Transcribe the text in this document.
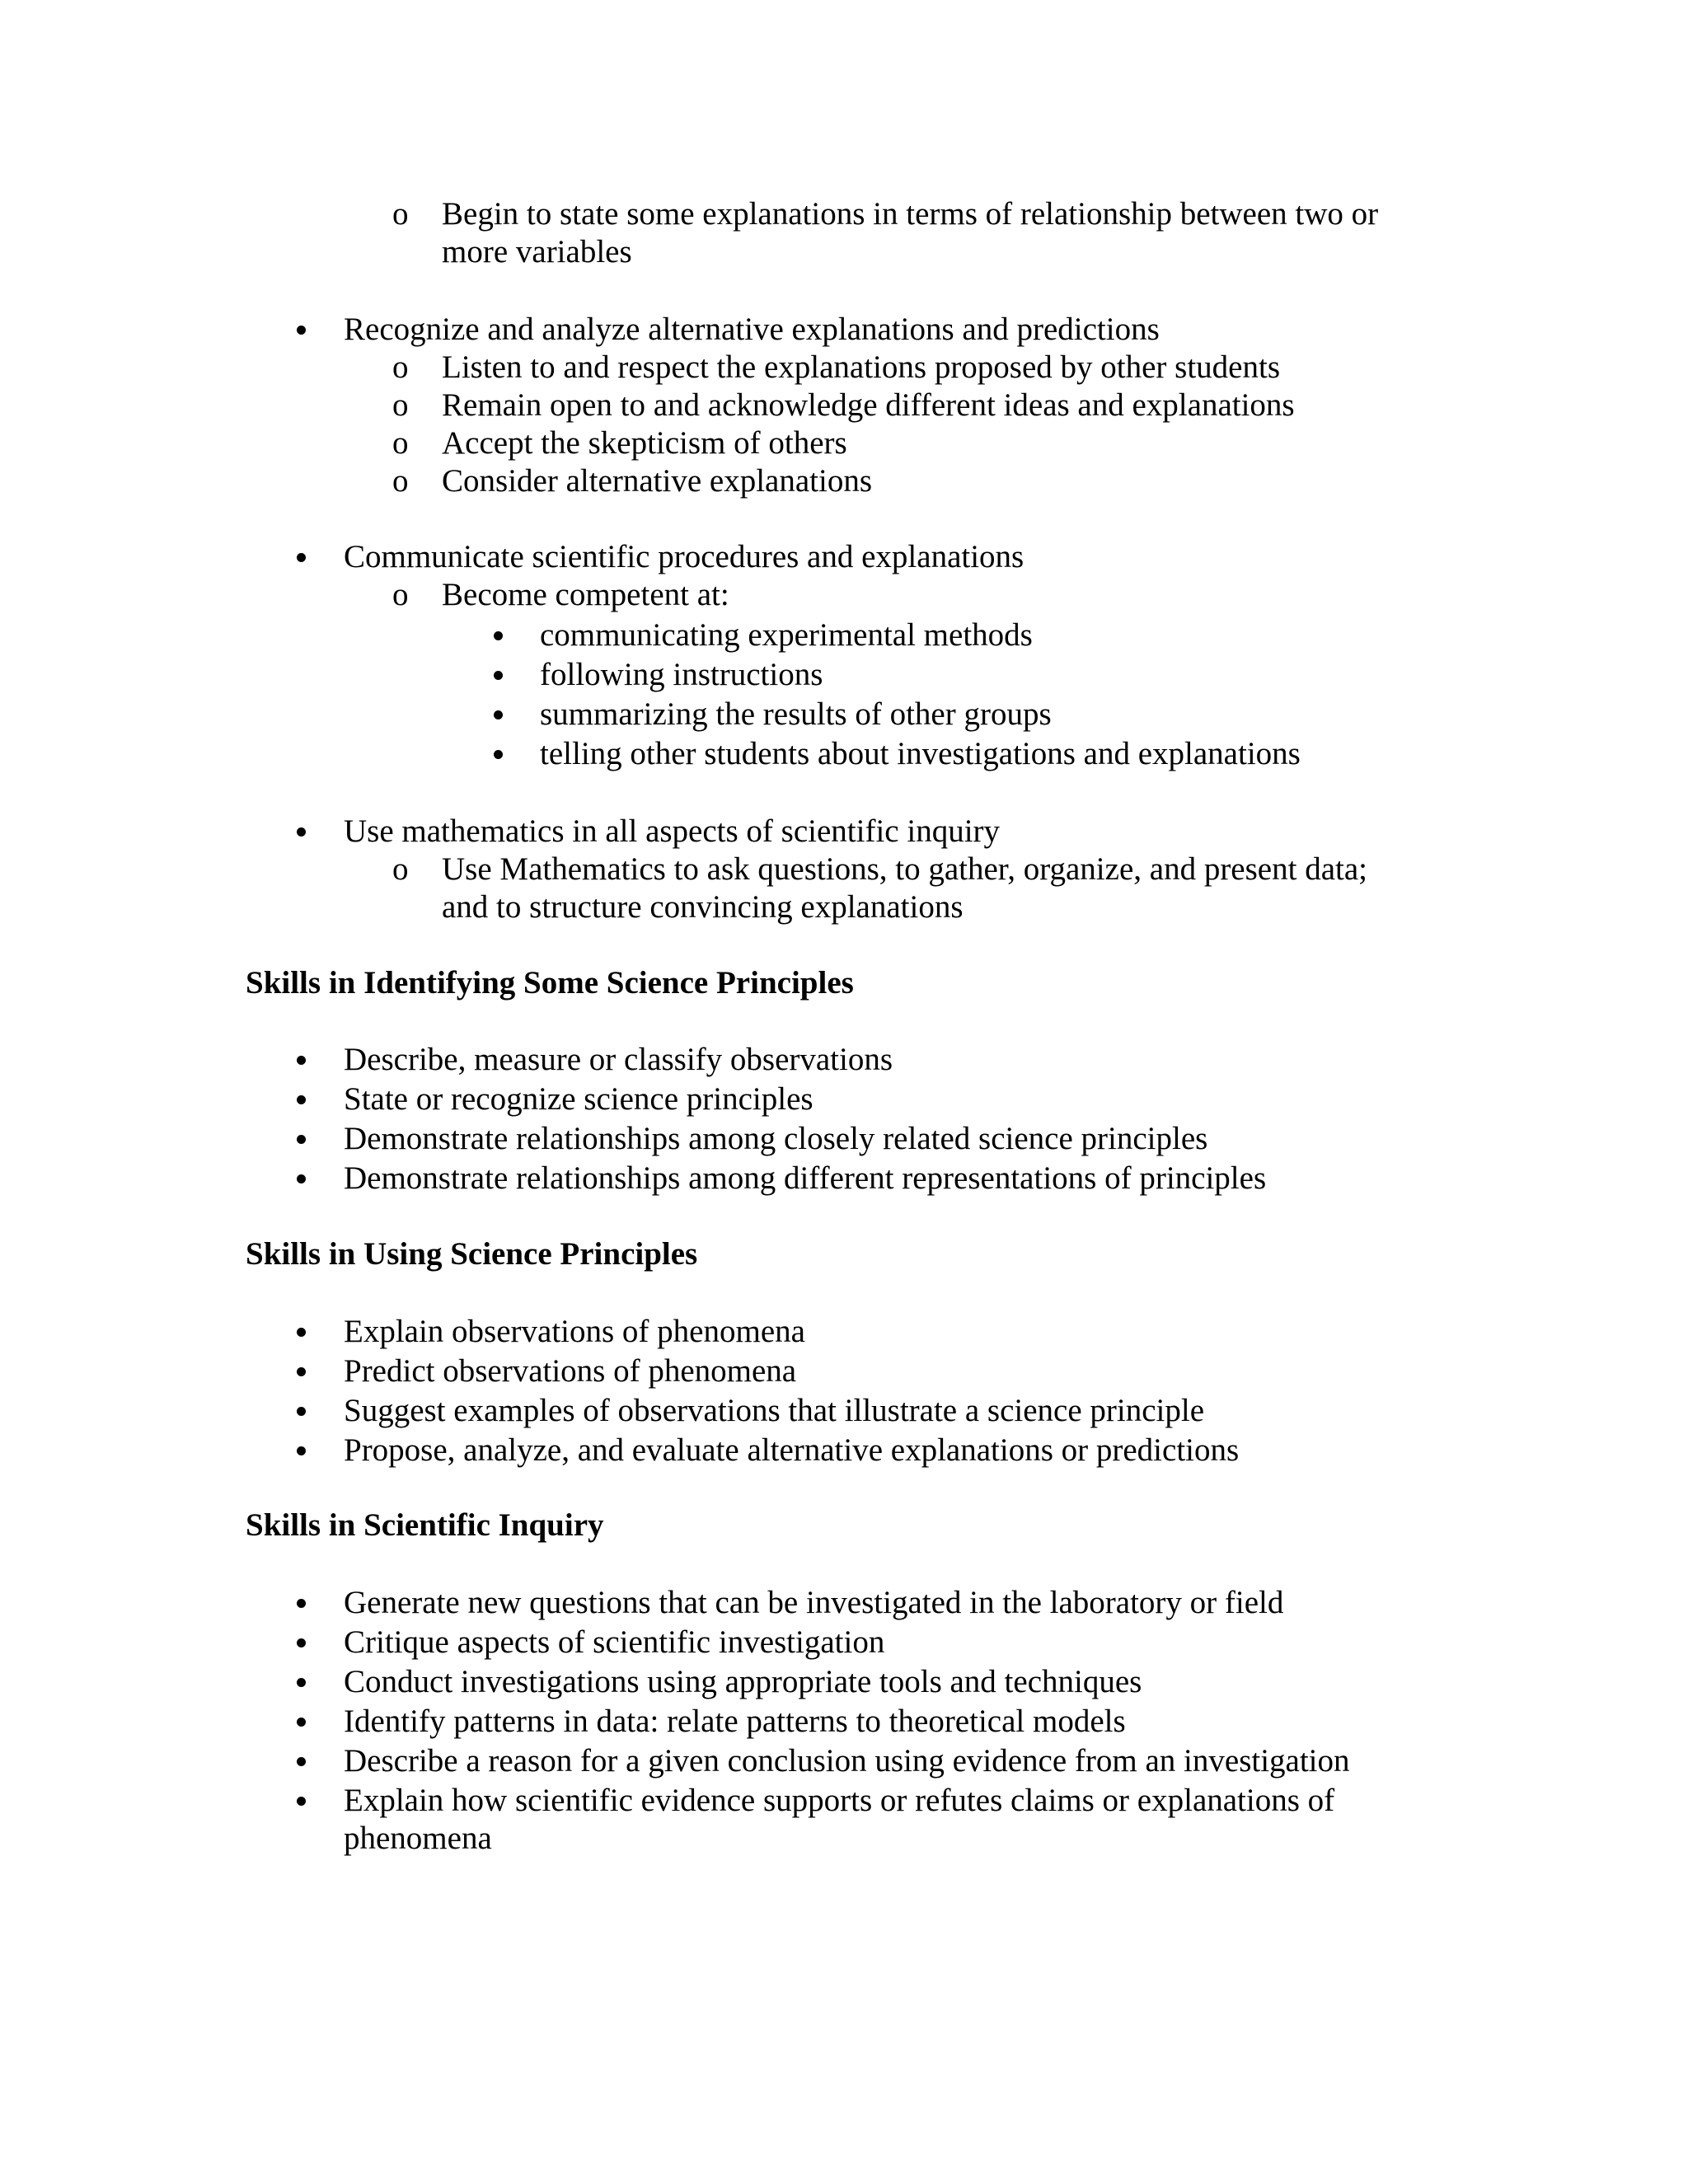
o Begin to state some explanations in terms of relationship between two or
more variables
Recognize and analyze alternative explanations and predictions
o Listen to and respect the explanations proposed by other students
o Remain open to and acknowledge different ideas and explanations
o Accept the skepticism of others
o Consider alternative explanations
Communicate scientific procedures and explanations
o Become competent at:
communicating experimental methods
following instructions
summarizing the results of other groups
telling other students about investigations and explanations
Use mathematics in all aspects of scientific inquiry
o Use Mathematics to ask questions, to gather, organize, and present data;
and to structure convincing explanations
Skills in Identifying Some Science Principles
Describe, measure or classify observations
State or recognize science principles
Demonstrate relationships among closely related science principles
Demonstrate relationships among different representations of principles
Skills in Using Science Principles
Explain observations of phenomena
Predict observations of phenomena
Suggest examples of observations that illustrate a science principle
Propose, analyze, and evaluate alternative explanations or predictions
Skills in Scientific Inquiry
Generate new questions that can be investigated in the laboratory or field
Critique aspects of scientific investigation
Conduct investigations using appropriate tools and techniques
Identify patterns in data: relate patterns to theoretical models
Describe a reason for a given conclusion using evidence from an investigation
Explain how scientific evidence supports or refutes claims or explanations of
phenomena
